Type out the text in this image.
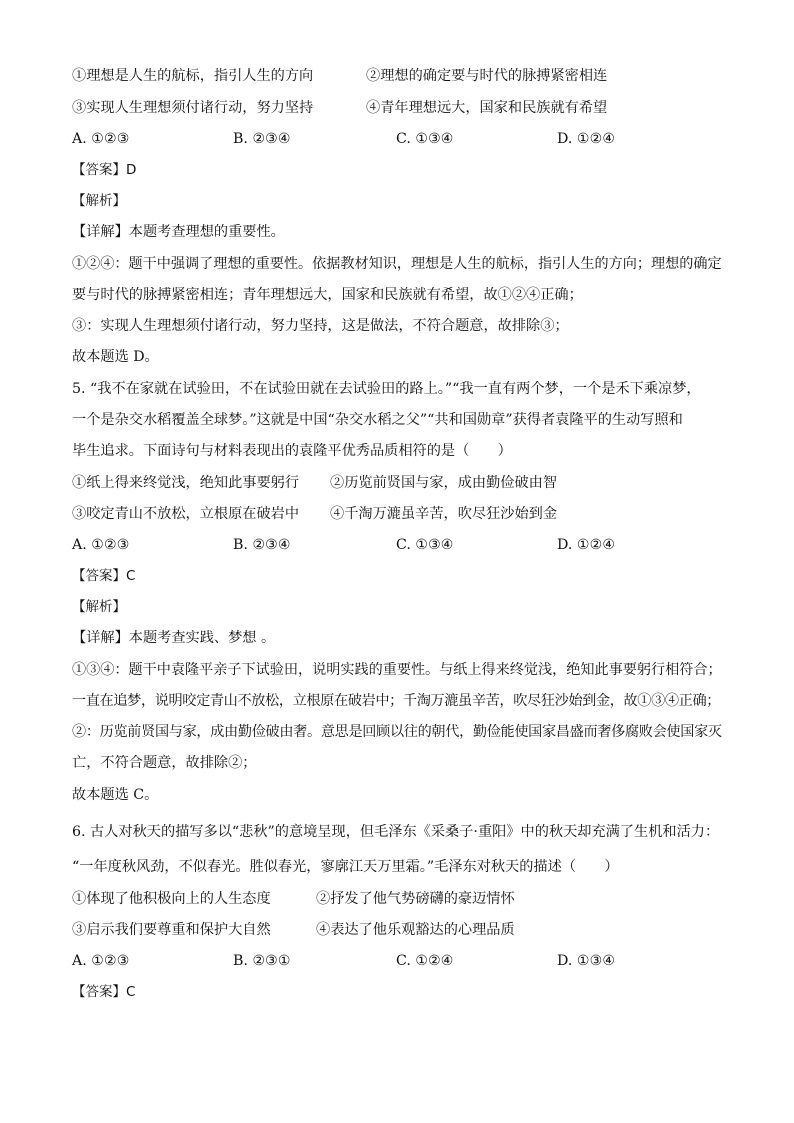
①理想是人生的航标，指引人生的方向	②理想的确定要与时代的脉搏紧密相连
③实现人生理想须付诸行动，努力坚持	④青年理想远大，国家和民族就有希望
A. ①②③	B. ②③④	C. ①③④	D. ①②④
【答案】D
【解析】
【详解】本题考查理想的重要性。
①②④：题干中强调了理想的重要性。依据教材知识，理想是人生的航标，指引人生的方向；理想的确定
要与时代的脉搏紧密相连；青年理想远大，国家和民族就有希望，故①②④正确；
③：实现人生理想须付诸行动，努力坚持，这是做法，不符合题意，故排除③；
故本题选 D。
5. “我不在家就在试验田，不在试验田就在去试验田的路上。”“我一直有两个梦，一个是禾下乘凉梦，
一个是杂交水稻覆盖全球梦。”这就是中国“杂交水稻之父”“共和国勋章”获得者袁隆平的生动写照和
毕生追求。下面诗句与材料表现出的袁隆平优秀品质相符的是（　　）
①纸上得来终觉浅，绝知此事要躬行 ②历览前贤国与家，成由勤俭破由智
③咬定青山不放松，立根原在破岩中 ④千淘万漉虽辛苦，吹尽狂沙始到金
A. ①②③	B. ②③④	C. ①③④	D. ①②④
【答案】C
【解析】
【详解】本题考查实践、梦想 。
①③④：题干中袁隆平亲子下试验田，说明实践的重要性。与纸上得来终觉浅，绝知此事要躬行相符合；
一直在追梦，说明咬定青山不放松，立根原在破岩中；千淘万漉虽辛苦，吹尽狂沙始到金，故①③④正确；
②：历览前贤国与家，成由勤俭破由奢。意思是回顾以往的朝代，勤俭能使国家昌盛而奢侈腐败会使国家灭
亡，不符合题意，故排除②；
故本题选 C。
6. 古人对秋天的描写多以“悲秋”的意境呈现，但毛泽东《采桑子·重阳》中的秋天却充满了生机和活力：
“一年度秋风劲，不似春光。胜似春光，寥廓江天万里霜。”毛泽东对秋天的描述（　　）
①体现了他积极向上的人生态度	②抒发了他气势磅礴的豪迈情怀
③启示我们要尊重和保护大自然	④表达了他乐观豁达的心理品质
A. ①②③	B. ②③①	C. ①②④	D. ①③④
【答案】C
